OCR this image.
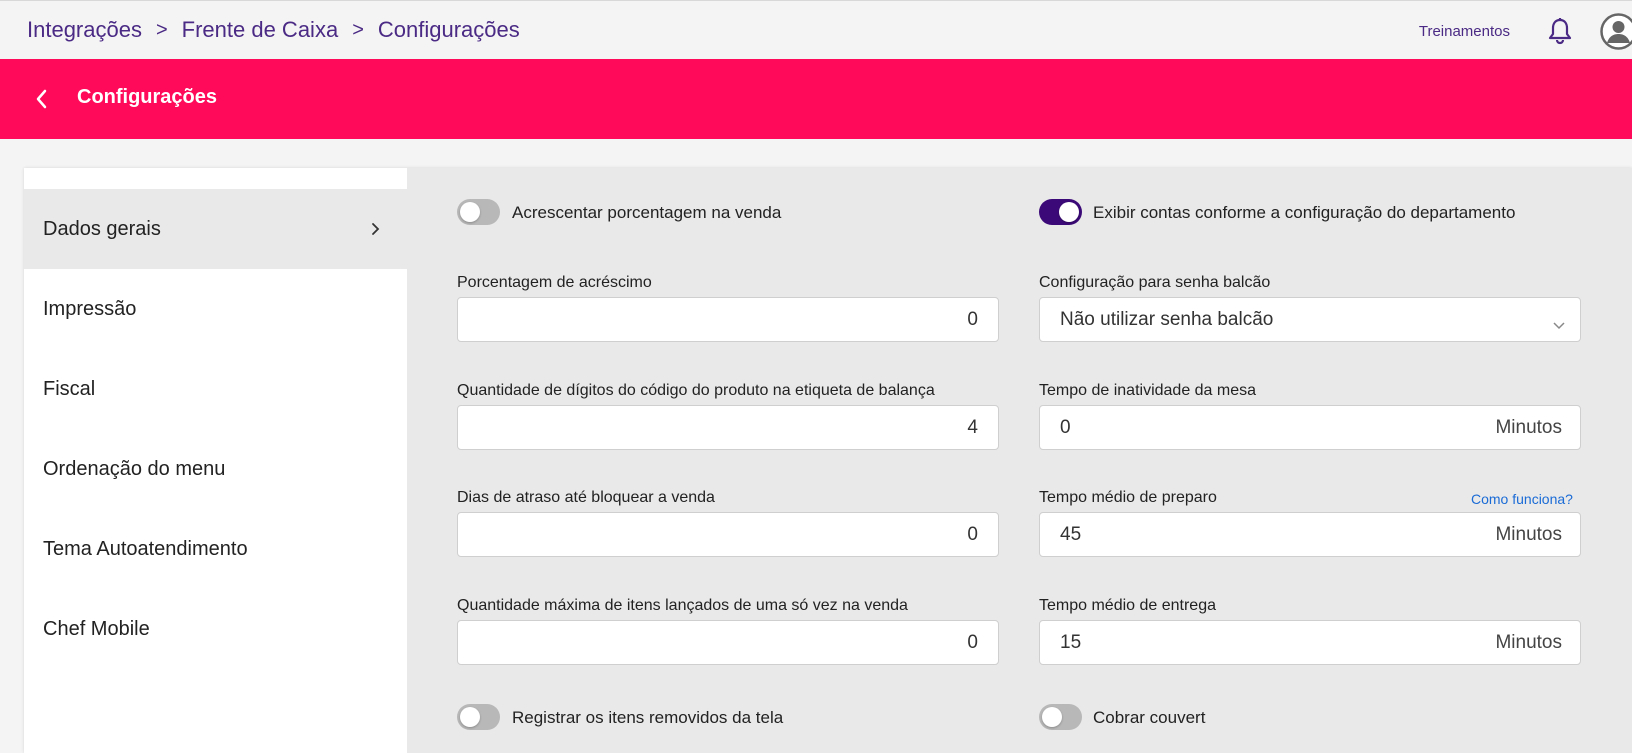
Integrações > Frente de Caixa > Configurações	Treinamentos
Configurações
Dados gerais
Impressão
Fiscal
Ordenação do menu
Tema Autoatendimento
Chef Mobile
Acrescentar porcentagem na venda	Exibir contas conforme a configuração do departamento
Porcentagem de acréscimo
0
Configuração para senha balcão
Não utilizar senha balcão
Quantidade de dígitos do código do produto na etiqueta de balança
4
Tempo de inatividade da mesa
0	Minutos
Dias de atraso até bloquear a venda
0
Tempo médio de preparo	Como funciona?
45	Minutos
Quantidade máxima de itens lançados de uma só vez na venda
0
Tempo médio de entrega
15	Minutos
Registrar os itens removidos da tela	Cobrar couvert
